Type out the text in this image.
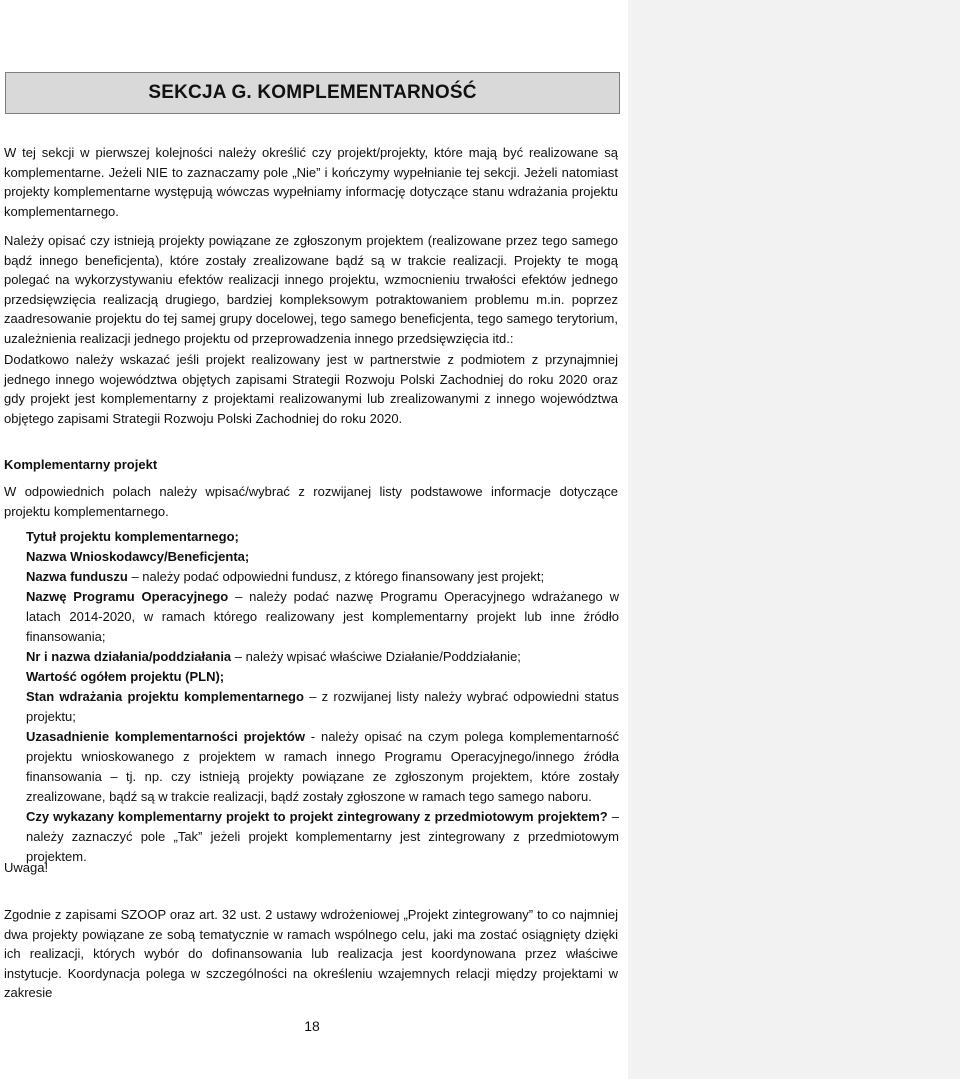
SEKCJA G. KOMPLEMENTARNOŚĆ

W tej sekcji w pierwszej kolejności należy określić czy projekt/projekty, które mają być realizowane są komplementarne. Jeżeli NIE to zaznaczamy pole „Nie” i kończymy wypełnianie tej sekcji. Jeżeli natomiast projekty komplementarne występują wówczas wypełniamy informację dotyczące stanu wdrażania projektu komplementarnego.

Należy opisać czy istnieją projekty powiązane ze zgłoszonym projektem (realizowane przez tego samego bądź innego beneficjenta), które zostały zrealizowane bądź są w trakcie realizacji. Projekty te mogą polegać na wykorzystywaniu efektów realizacji innego projektu, wzmocnieniu trwałości efektów jednego przedsięwzięcia realizacją drugiego, bardziej kompleksowym potraktowaniem problemu m.in. poprzez zaadresowanie projektu do tej samej grupy docelowej, tego samego beneficjenta, tego samego terytorium, uzależnienia realizacji jednego projektu od przeprowadzenia innego przedsięwzięcia itd.:

Dodatkowo należy wskazać jeśli projekt realizowany jest w partnerstwie z podmiotem z przynajmniej jednego innego województwa objętych zapisami Strategii Rozwoju Polski Zachodniej do roku 2020 oraz gdy projekt jest komplementarny z projektami realizowanymi lub zrealizowanymi z innego województwa objętego zapisami Strategii Rozwoju Polski Zachodniej do roku 2020.

Komplementarny projekt

W odpowiednich polach należy wpisać/wybrać z rozwijanej listy podstawowe informacje dotyczące projektu komplementarnego.

Tytuł projektu komplementarnego;

Nazwa Wnioskodawcy/Beneficjenta;

Nazwa funduszu – należy podać odpowiedni fundusz, z którego finansowany jest projekt;

Nazwę Programu Operacyjnego – należy podać nazwę Programu Operacyjnego wdrażanego w latach 2014-2020, w ramach którego realizowany jest komplementarny projekt lub inne źródło finansowania;

Nr i nazwa działania/poddziałania – należy wpisać właściwe Działanie/Poddziałanie;

Wartość ogółem projektu (PLN);

Stan wdrażania projektu komplementarnego – z rozwijanej listy należy wybrać odpowiedni status projektu;

Uzasadnienie komplementarności projektów - należy opisać na czym polega komplementarność projektu wnioskowanego z projektem w ramach innego Programu Operacyjnego/innego źródła finansowania – tj. np. czy istnieją projekty powiązane ze zgłoszonym projektem, które zostały zrealizowane, bądź są w trakcie realizacji, bądź zostały zgłoszone w ramach tego samego naboru.

Czy wykazany komplementarny projekt to projekt zintegrowany z przedmiotowym projektem? – należy zaznaczyć pole „Tak” jeżeli projekt komplementarny jest zintegrowany z przedmiotowym projektem.

Uwaga!

Zgodnie z zapisami SZOOP oraz art. 32 ust. 2 ustawy wdrożeniowej „Projekt zintegrowany” to co najmniej dwa projekty powiązane ze sobą tematycznie w ramach wspólnego celu, jaki ma zostać osiągnięty dzięki ich realizacji, których wybór do dofinansowania lub realizacja jest koordynowana przez właściwe instytucje. Koordynacja polega w szczególności na określeniu wzajemnych relacji między projektami w zakresie

18
